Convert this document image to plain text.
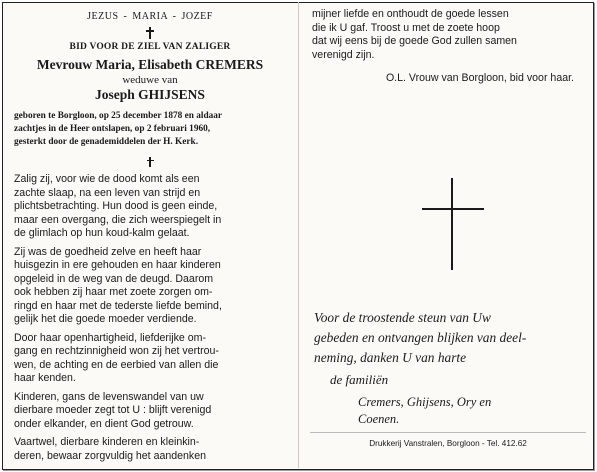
JEZUS - MARIA - JOZEF
BID VOOR DE ZIEL VAN ZALIGER
Mevrouw Maria, Elisabeth CREMERS
weduwe van
Joseph GHIJSENS
geboren te Borgloon, op 25 december 1878 en aldaar
zachtjes in de Heer ontslapen, op 2 februari 1960,
gesterkt door de genademiddelen der H. Kerk.
Zalig zij, voor wie de dood komt als een
zachte slaap, na een leven van strijd en
plichtsbetrachting. Hun dood is geen einde,
maar een overgang, die zich weerspiegelt in
de glimlach op hun koud-kalm gelaat.
Zij was de goedheid zelve en heeft haar
huisgezin in ere gehouden en haar kinderen
opgeleid in de weg van de deugd. Daarom
ook hebben zij haar met zoete zorgen om-
ringd en haar met de tederste liefde bemind,
gelijk het die goede moeder verdiende.
Door haar openhartigheid, liefderijke om-
gang en rechtzinnigheid won zij het vertrou-
wen, de achting en de eerbied van allen die
haar kenden.
Kinderen, gans de levenswandel van uw
dierbare moeder zegt tot U : blijft verenigd
onder elkander, en dient God getrouw.
Vaartwel, dierbare kinderen en kleinkin-
deren, bewaar zorgvuldig het aandenken
mijner liefde en onthoudt de goede lessen
die ik U gaf. Troost u met de zoete hoop
dat wij eens bij de goede God zullen samen
verenigd zijn.
O.L. Vrouw van Borgloon, bid voor haar.
Voor de troostende steun van Uw
gebeden en ontvangen blijken van deel-
neming, danken U van harte
de familiën
Cremers, Ghijsens, Ory en
Coenen.
Drukkerij Vanstralen, Borgloon - Tel. 412.62
